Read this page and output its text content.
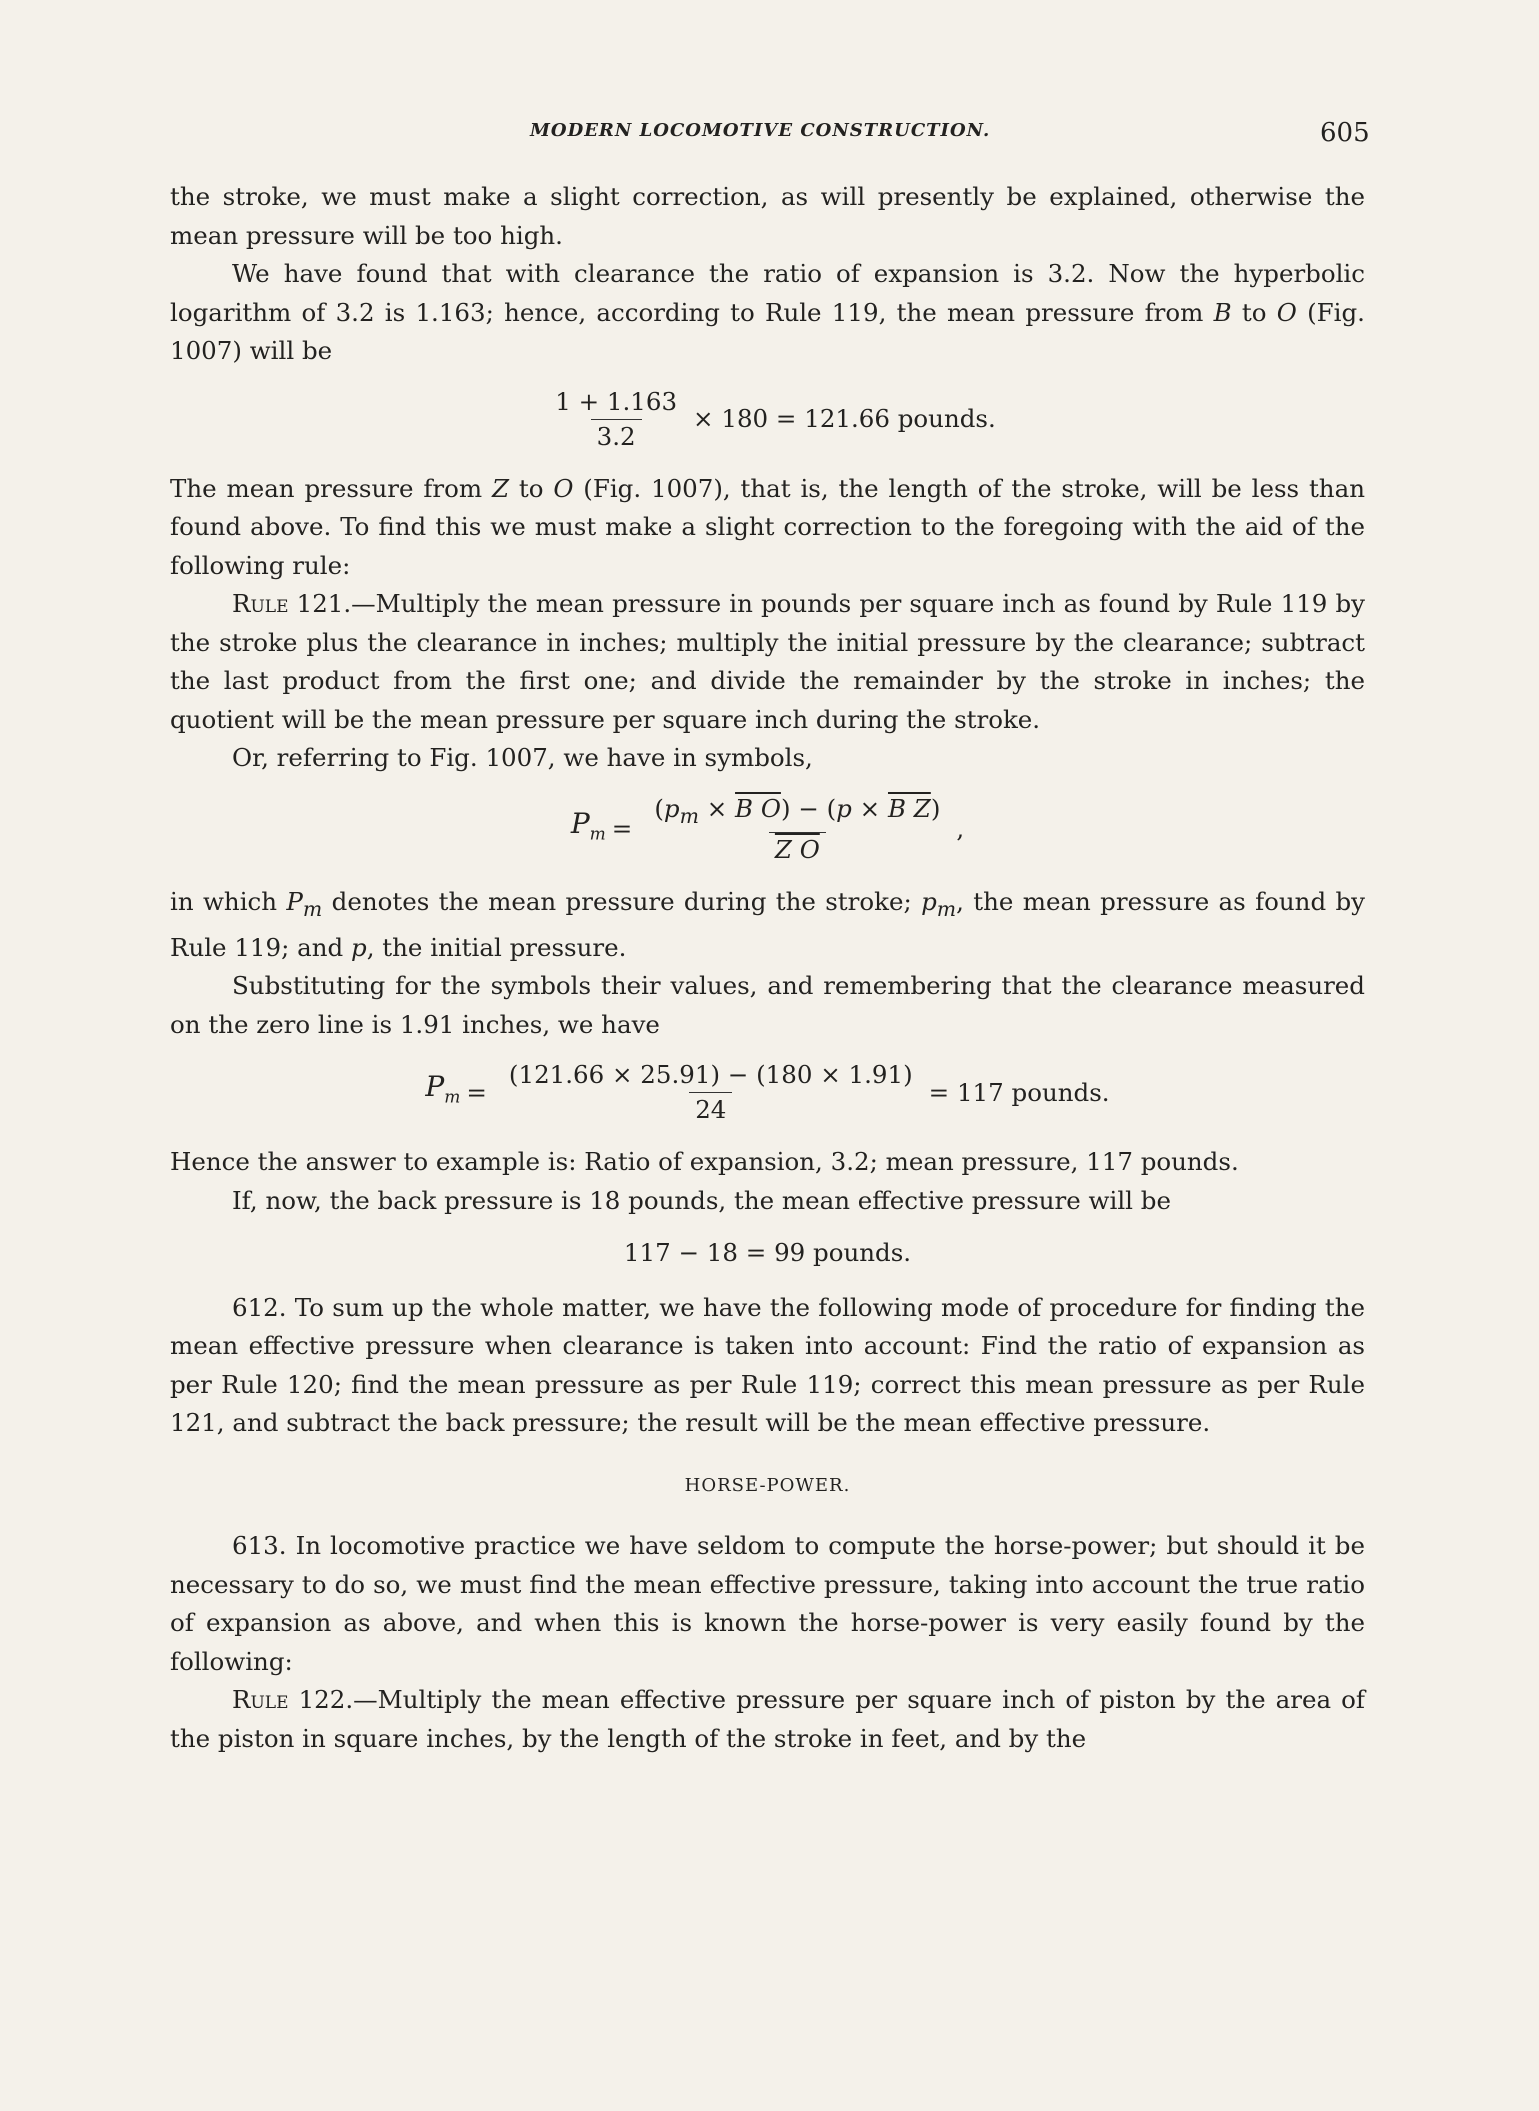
MODERN LOCOMOTIVE CONSTRUCTION.	605

the stroke, we must make a slight correction, as will presently be explained, otherwise the mean pressure will be too high.

We have found that with clearance the ratio of expansion is 3.2. Now the hyperbolic logarithm of 3.2 is 1.163; hence, according to Rule 119, the mean pressure from B to O (Fig. 1007) will be

$\frac{1 + 1.163}{3.2} \times 180 = 121.66$ pounds.

The mean pressure from Z to O (Fig. 1007), that is, the length of the stroke, will be less than found above. To find this we must make a slight correction to the foregoing with the aid of the following rule:

Rule 121.—Multiply the mean pressure in pounds per square inch as found by Rule 119 by the stroke plus the clearance in inches; multiply the initial pressure by the clearance; subtract the last product from the first one; and divide the remainder by the stroke in inches; the quotient will be the mean pressure per square inch during the stroke.

Or, referring to Fig. 1007, we have in symbols,

$P_m = \frac{(p_m \times B O) - (p \times B Z)}{\text{Z O}}$ ,

in which $P_m$ denotes the mean pressure during the stroke; $p_m$, the mean pressure as found by Rule 119; and p, the initial pressure.

Substituting for the symbols their values, and remembering that the clearance measured on the zero line is 1.91 inches, we have

$P_m = \frac{(121.66 \times 25.91) - (180 \times 1.91)}{24} = 117$ pounds.

Hence the answer to example is: Ratio of expansion, 3.2; mean pressure, 117 pounds.

If, now, the back pressure is 18 pounds, the mean effective pressure will be

117 − 18 = 99 pounds.

612. To sum up the whole matter, we have the following mode of procedure for finding the mean effective pressure when clearance is taken into account: Find the ratio of expansion as per Rule 120; find the mean pressure as per Rule 119; correct this mean pressure as per Rule 121, and subtract the back pressure; the result will be the mean effective pressure.

HORSE-POWER.

613. In locomotive practice we have seldom to compute the horse-power; but should it be necessary to do so, we must find the mean effective pressure, taking into account the true ratio of expansion as above, and when this is known the horse-power is very easily found by the following:

Rule 122.—Multiply the mean effective pressure per square inch of piston by the area of the piston in square inches, by the length of the stroke in feet, and by the
